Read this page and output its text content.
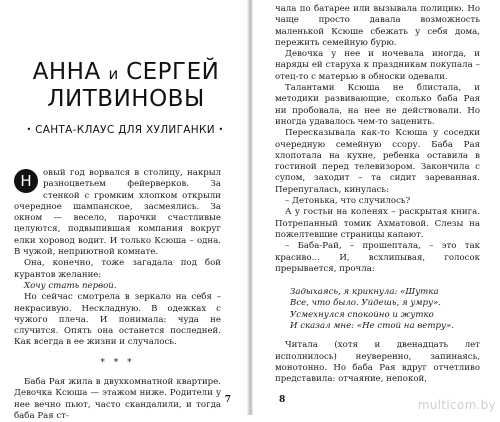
АННА и СЕРГЕЙ
ЛИТВИНОВЫ
• САНТА-КЛАУС ДЛЯ ХУЛИГАНКИ •

Н	овый год ворвался в столицу, накрыл разноцветьем фейерверков. За стенкой с громким хлопком открыли очередное шампанское, засмеялись. За окном — весело, парочки счастливые целуются, подвыпившая компания вокруг елки хоровод водит. И только Ксюша – одна. В чужой, неприютной комнате.

Она, конечно, тоже загадала под бой курантов желание:

Хочу стать первой.

Но сейчас смотрела в зеркало на себя – некрасивую. Нескладную. В одежках с чужого плеча. И понимала: чуда не случится. Опять она останется последней. Как всегда в ее жизни и случалось.

* * *

Баба Рая жила в двухкомнатной квартире. Девочка Ксюша — этажом ниже. Родители у нее вечно пьют, часто скандалили, и тогда баба Рая ст-

7

чала по батарее или вызывала полицию. Но чаще просто давала возможность маленькой Ксюше сбежать у себя дома, пережить семейную бурю.

Девочка у нее и ночевала иногда, и наряды ей старуха к праздникам покупала – отец-то с матерью в обноски одевали.

Талантами Ксюша не блистала, и методики развивающие, сколько баба Рая ни пробовала, на нее не действовали. Но иногда удавалось чем-то заценить.

Пересказывала как-то Ксюша у соседки очередную семейную ссору. Баба Рая хлопотала на кухне, ребенка оставила в гостиной перед телевизором. Закончила с супом, заходит – та сидит зареванная. Перепугалась, кинулась:

– Детонька, что случилось?

А у гостьи на коленях – раскрытая книга. Потрепанный томик Ахматовой. Слезы на пожелтевшие страницы капают.

– Баба-Рай, – прошептала, – это так красиво… И, всхлипывая, голосок прерывается, прочла:

Задыхаясь, я крикнула: «Шутка
Все, что было. Уйдешь, я умру».
Усмехнулся спокойно и жутко
И сказал мне: «Не стой на ветру».

Читала (хотя и двенадцать лет исполнилось) неуверенно, запинаясь, монотонно. Но баба Рая вдруг отчетливо представила: отчаяние, непокой,

8	multicom.by
